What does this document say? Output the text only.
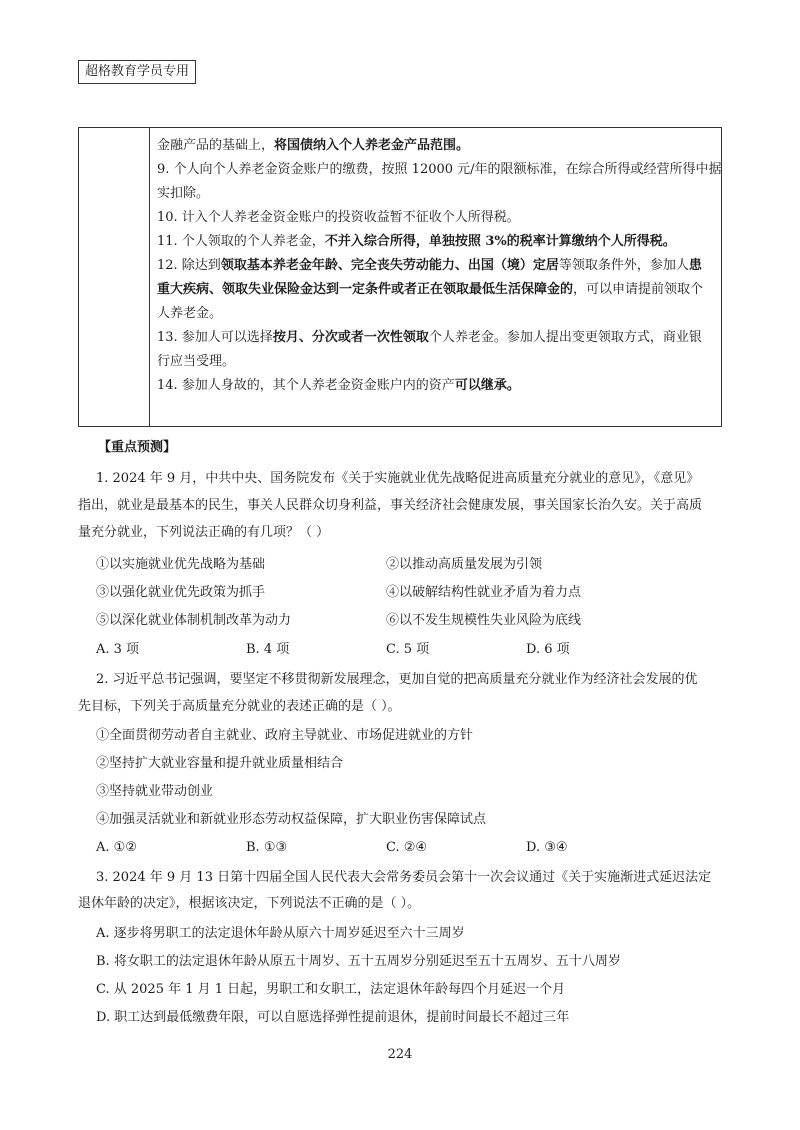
超格教育学员专用
金融产品的基础上，将国债纳入个人养老金产品范围。
9. 个人向个人养老金资金账户的缴费，按照 12000 元/年的限额标准，在综合所得或经营所得中据
实扣除。
10. 计入个人养老金资金账户的投资收益暂不征收个人所得税。
11. 个人领取的个人养老金，不并入综合所得，单独按照 3%的税率计算缴纳个人所得税。
12. 除达到领取基本养老金年龄、完全丧失劳动能力、出国（境）定居等领取条件外，参加人患
重大疾病、领取失业保险金达到一定条件或者正在领取最低生活保障金的，可以申请提前领取个
人养老金。
13. 参加人可以选择按月、分次或者一次性领取个人养老金。参加人提出变更领取方式，商业银
行应当受理。
14. 参加人身故的，其个人养老金资金账户内的资产可以继承。
【重点预测】
1. 2024 年 9 月，中共中央、国务院发布《关于实施就业优先战略促进高质量充分就业的意见》，《意见》
指出，就业是最基本的民生，事关人民群众切身利益，事关经济社会健康发展，事关国家长治久安。关于高质
量充分就业，下列说法正确的有几项？（ ）
①以实施就业优先战略为基础	②以推动高质量发展为引领
③以强化就业优先政策为抓手	④以破解结构性就业矛盾为着力点
⑤以深化就业体制机制改革为动力	⑥以不发生规模性失业风险为底线
A. 3 项	B. 4 项	C. 5 项	D. 6 项
2. 习近平总书记强调，要坚定不移贯彻新发展理念，更加自觉的把高质量充分就业作为经济社会发展的优
先目标，下列关于高质量充分就业的表述正确的是（ ）。
①全面贯彻劳动者自主就业、政府主导就业、市场促进就业的方针
②坚持扩大就业容量和提升就业质量相结合
③坚持就业带动创业
④加强灵活就业和新就业形态劳动权益保障，扩大职业伤害保障试点
A. ①②	B. ①③	C. ②④	D. ③④
3. 2024 年 9 月 13 日第十四届全国人民代表大会常务委员会第十一次会议通过《关于实施渐进式延迟法定
退休年龄的决定》，根据该决定，下列说法不正确的是（ ）。
A. 逐步将男职工的法定退休年龄从原六十周岁延迟至六十三周岁
B. 将女职工的法定退休年龄从原五十周岁、五十五周岁分别延迟至五十五周岁、五十八周岁
C. 从 2025 年 1 月 1 日起，男职工和女职工，法定退休年龄每四个月延迟一个月
D. 职工达到最低缴费年限，可以自愿选择弹性提前退休，提前时间最长不超过三年
224
